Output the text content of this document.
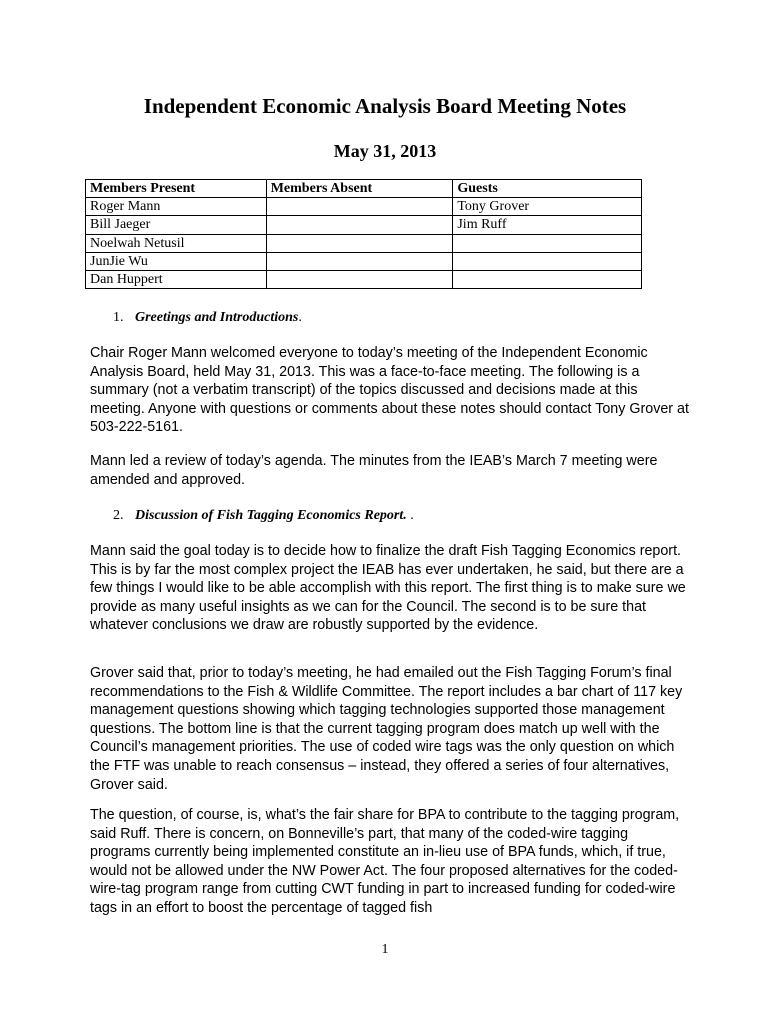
Independent Economic Analysis Board Meeting Notes
May 31, 2013
Members Present	Members Absent	Guests
Roger Mann		Tony Grover
Bill Jaeger		Jim Ruff
Noelwah Netusil		
JunJie Wu		
Dan Huppert		
1. Greetings and Introductions.

Chair Roger Mann welcomed everyone to today’s meeting of the Independent Economic Analysis Board, held May 31, 2013. This was a face-to-face meeting. The following is a summary (not a verbatim transcript) of the topics discussed and decisions made at this meeting. Anyone with questions or comments about these notes should contact Tony Grover at 503-222-5161.

Mann led a review of today’s agenda. The minutes from the IEAB’s March 7 meeting were amended and approved.

2. Discussion of Fish Tagging Economics Report. .

Mann said the goal today is to decide how to finalize the draft Fish Tagging Economics report. This is by far the most complex project the IEAB has ever undertaken, he said, but there are a few things I would like to be able accomplish with this report. The first thing is to make sure we provide as many useful insights as we can for the Council. The second is to be sure that whatever conclusions we draw are robustly supported by the evidence.

Grover said that, prior to today’s meeting, he had emailed out the Fish Tagging Forum’s final recommendations to the Fish & Wildlife Committee. The report includes a bar chart of 117 key management questions showing which tagging technologies supported those management questions. The bottom line is that the current tagging program does match up well with the Council’s management priorities. The use of coded wire tags was the only question on which the FTF was unable to reach consensus – instead, they offered a series of four alternatives, Grover said.

The question, of course, is, what’s the fair share for BPA to contribute to the tagging program, said Ruff. There is concern, on Bonneville’s part, that many of the coded-wire tagging programs currently being implemented constitute an in-lieu use of BPA funds, which, if true, would not be allowed under the NW Power Act. The four proposed alternatives for the coded-wire-tag program range from cutting CWT funding in part to increased funding for coded-wire tags in an effort to boost the percentage of tagged fish

1
